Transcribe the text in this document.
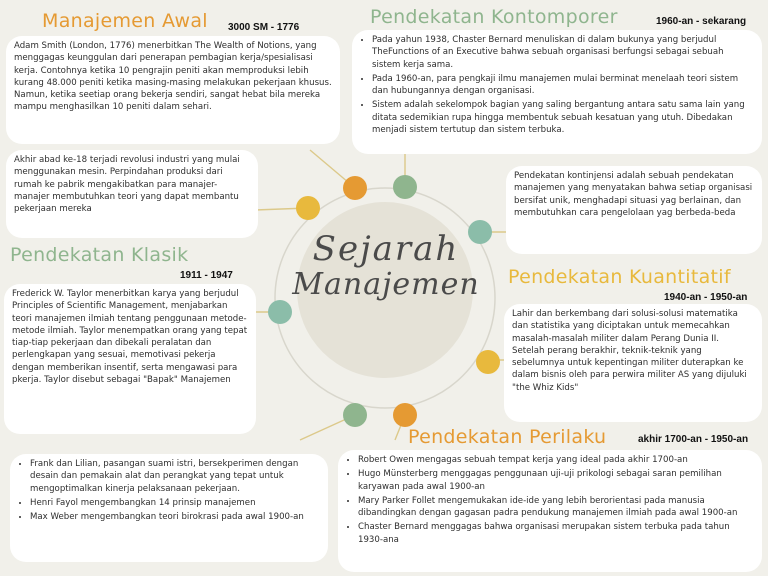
Sejarah
Manajemen
Manajemen Awal 3000 SM - 1776

Adam Smith (London, 1776) menerbitkan The Wealth of Notions, yang menggagas keunggulan dari penerapan pembagian kerja/spesialisasi kerja. Contohnya ketika 10 pengrajin peniti akan memproduksi lebih kurang 48.000 peniti ketika masing-masing melakukan pekerjaan khusus. Namun, ketika seetiap orang bekerja sendiri, sangat hebat bila mereka mampu menghasilkan 10 peniti dalam sehari.

Akhir abad ke-18 terjadi revolusi industri yang mulai menggunakan mesin. Perpindahan produksi dari rumah ke pabrik mengakibatkan para manajer-manajer membutuhkan teori yang dapat membantu pekerjaan mereka

Pendekatan Kontomporer	1960-an - sekarang
• Pada yahun 1938, Chaster Bernard menuliskan di dalam bukunya yang berjudul TheFunctions of an Executive bahwa sebuah organisasi berfungsi sebagai sebuah sistem kerja sama.
• Pada 1960-an, para pengkaji ilmu manajemen mulai berminat menelaah teori sistem dan hubungannya dengan organisasi.
• Sistem adalah sekelompok bagian yang saling bergantung antara satu sama lain yang ditata sedemikian rupa hingga membentuk sebuah kesatuan yang utuh. Dibedakan menjadi sistem tertutup dan sistem terbuka.

Pendekatan kontinjensi adalah sebuah pendekatan manajemen yang menyatakan bahwa setiap organisasi bersifat unik, menghadapi situasi yag berlainan, dan membutuhkan cara pengelolaan yag berbeda-beda

Pendekatan Klasik
1911 - 1947

Frederick W. Taylor menerbitkan karya yang berjudul Principles of Scientific Management, menjabarkan teori manajemen ilmiah tentang penggunaan metode-metode ilmiah. Taylor menempatkan orang yang tepat tiap-tiap pekerjaan dan dibekali peralatan dan perlengkapan yang sesuai, memotivasi pekerja dengan memberikan insentif, serta mengawasi para pkerja. Taylor disebut sebagai "Bapak" Manajemen

• Frank dan Lilian, pasangan suami istri, bersekperimen dengan desain dan pemakain alat dan perangkat yang tepat untuk mengoptimalkan kinerja pelaksanaan pekerjaan.
• Henri Fayol mengembangkan 14 prinsip manajemen
• Max Weber mengembangkan teori birokrasi pada awal 1900-an
Pendekatan Kuantitatif
1940-an - 1950-an

Lahir dan berkembang dari solusi-solusi matematika dan statistika yang diciptakan untuk memecahkan masalah-masalah militer dalam Perang Dunia II. Setelah perang berakhir, teknik-teknik yang sebelumnya untuk kepentingan militer duterapkan ke dalam bisnis oleh para perwira militer AS yang dijuluki "the Whiz Kids"

Pendekatan Perilaku	akhir 1700-an - 1950-an
• Robert Owen mengagas sebuah tempat kerja yang ideal pada akhir 1700-an
• Hugo Münsterberg menggagas penggunaan uji-uji prikologi sebagai saran pemilihan karyawan pada awal 1900-an
• Mary Parker Follet mengemukakan ide-ide yang lebih berorientasi pada manusia dibandingkan dengan gagasan padra pendukung manajemen ilmiah pada awal 1900-an
• Chaster Bernard menggagas bahwa organisasi merupakan sistem terbuka pada tahun 1930-ana
